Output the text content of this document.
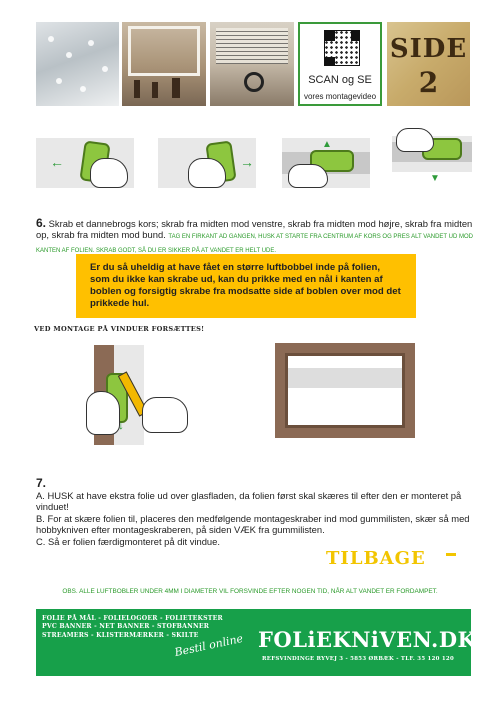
SCAN og SE
vores montagevideo
SIDE
2
←	→
▲
▼
6. Skrab et dannebrogs kors; skrab fra midten mod venstre, skrab fra midten mod højre, skrab fra midten op, skrab fra midten mod bund. TAG EN FIRKANT AD GANGEN, HUSK AT STARTE FRA CENTRUM AF KORS OG PRES ALT VANDET UD MOD KANTEN AF FOLIEN. SKRAB GODT, SÅ DU ER SIKKER PÅ AT VANDET ER HELT UDE.
Er du så uheldig at have fået en større luftbobbel inde på folien, som du ikke kan skrabe ud, kan du prikke med en nål i kanten af boblen og forsigtig skrabe fra modsatte side af boblen over mod det prikkede hul.
VED MONTAGE PÅ VINDUER FORSÆTTES!
↓
7.
A. HUSK at have ekstra folie ud over glasfladen, da folien først skal skæres til efter den er monteret på vinduet!
B. For at skære folien til, placeres den medfølgende montageskraber ind mod gummilisten, skær så med hobbykniven efter montageskraberen, på siden VÆK fra gummilisten.
C. Så er folien færdigmonteret på dit vindue.
TILBAGE
OBS. ALLE LUFTBOBLER UNDER 4MM I DIAMETER VIL FORSVINDE EFTER NOGEN TID, NÅR ALT VANDET ER FORDAMPET.
FOLIE PÅ MÅL - FOLIELOGOER - FOLIETEKSTER
PVC BANNER - NET BANNER - STOFBANNER
STREAMERS - KLISTERMÆRKER - SKILTE
Bestil online FOLiEKNiVEN.DK
REFSVINDINGE RYVEJ 3 - 5853 ØRBÆK - TLF. 35 120 120
